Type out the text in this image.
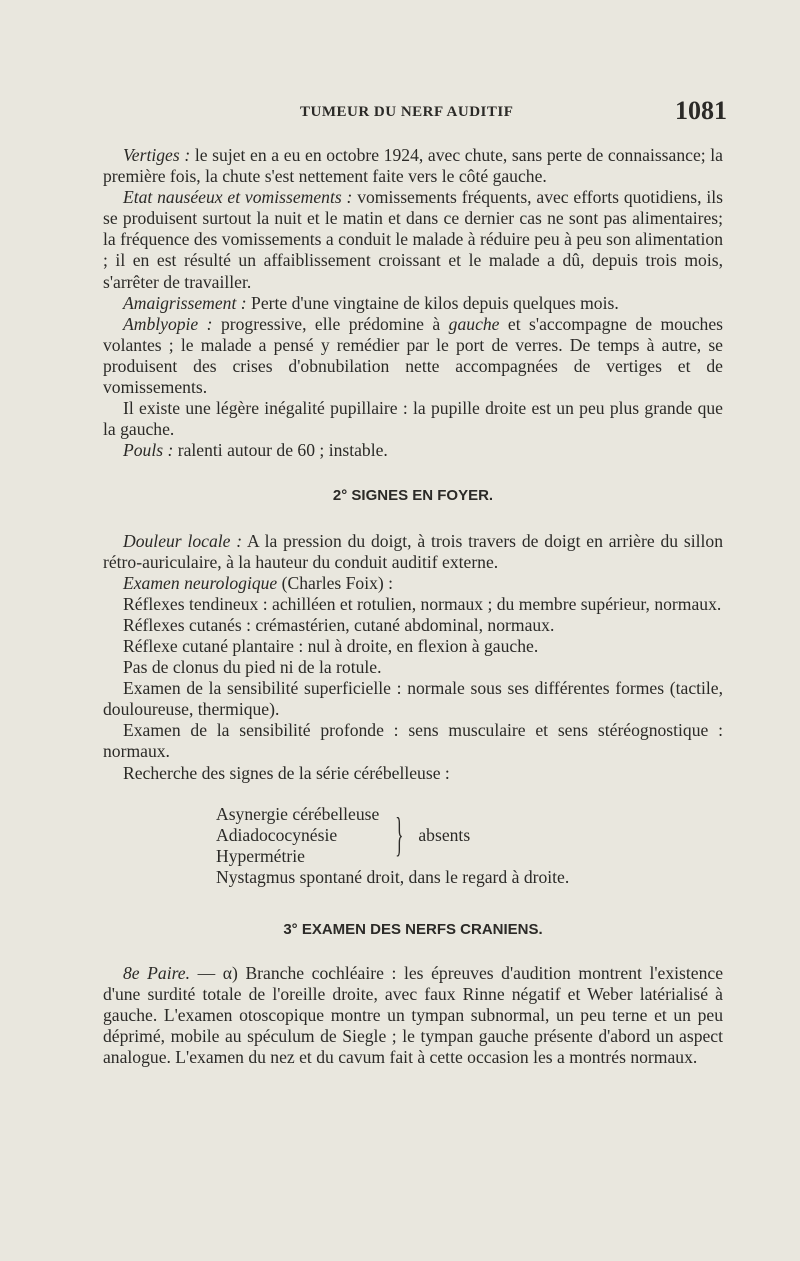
TUMEUR DU NERF AUDITIF	1081

Vertiges : le sujet en a eu en octobre 1924, avec chute, sans perte de connaissance; la première fois, la chute s'est nettement faite vers le côté gauche.

Etat nauséeux et vomissements : vomissements fréquents, avec efforts quotidiens, ils se produisent surtout la nuit et le matin et dans ce dernier cas ne sont pas alimentaires; la fréquence des vomissements a conduit le malade à réduire peu à peu son alimentation ; il en est résulté un affaiblissement croissant et le malade a dû, depuis trois mois, s'arrêter de travailler.

Amaigrissement : Perte d'une vingtaine de kilos depuis quelques mois.

Amblyopie : progressive, elle prédomine à gauche et s'accompagne de mouches volantes ; le malade a pensé y remédier par le port de verres. De temps à autre, se produisent des crises d'obnubilation nette accompagnées de vertiges et de vomissements.

Il existe une légère inégalité pupillaire : la pupille droite est un peu plus grande que la gauche.

Pouls : ralenti autour de 60 ; instable.

2° SIGNES EN FOYER.

Douleur locale : A la pression du doigt, à trois travers de doigt en arrière du sillon rétro-auriculaire, à la hauteur du conduit auditif externe.

Examen neurologique (Charles Foix) :

Réflexes tendineux : achilléen et rotulien, normaux ; du membre supérieur, normaux.

Réflexes cutanés : crémastérien, cutané abdominal, normaux.

Réflexe cutané plantaire : nul à droite, en flexion à gauche.

Pas de clonus du pied ni de la rotule.

Examen de la sensibilité superficielle : normale sous ses différentes formes (tactile, douloureuse, thermique).

Examen de la sensibilité profonde : sens musculaire et sens stéréognostique : normaux.

Recherche des signes de la série cérébelleuse :

Asynergie cérébelleuse
Adiadococynésie
Hypermétrie	} absents

Nystagmus spontané droit, dans le regard à droite.

3° EXAMEN DES NERFS CRANIENS.

8e Paire. — α) Branche cochléaire : les épreuves d'audition montrent l'existence d'une surdité totale de l'oreille droite, avec faux Rinne négatif et Weber latérialisé à gauche. L'examen otoscopique montre un tympan subnormal, un peu terne et un peu déprimé, mobile au spéculum de Siegle ; le tympan gauche présente d'abord un aspect analogue. L'examen du nez et du cavum fait à cette occasion les a montrés normaux.
